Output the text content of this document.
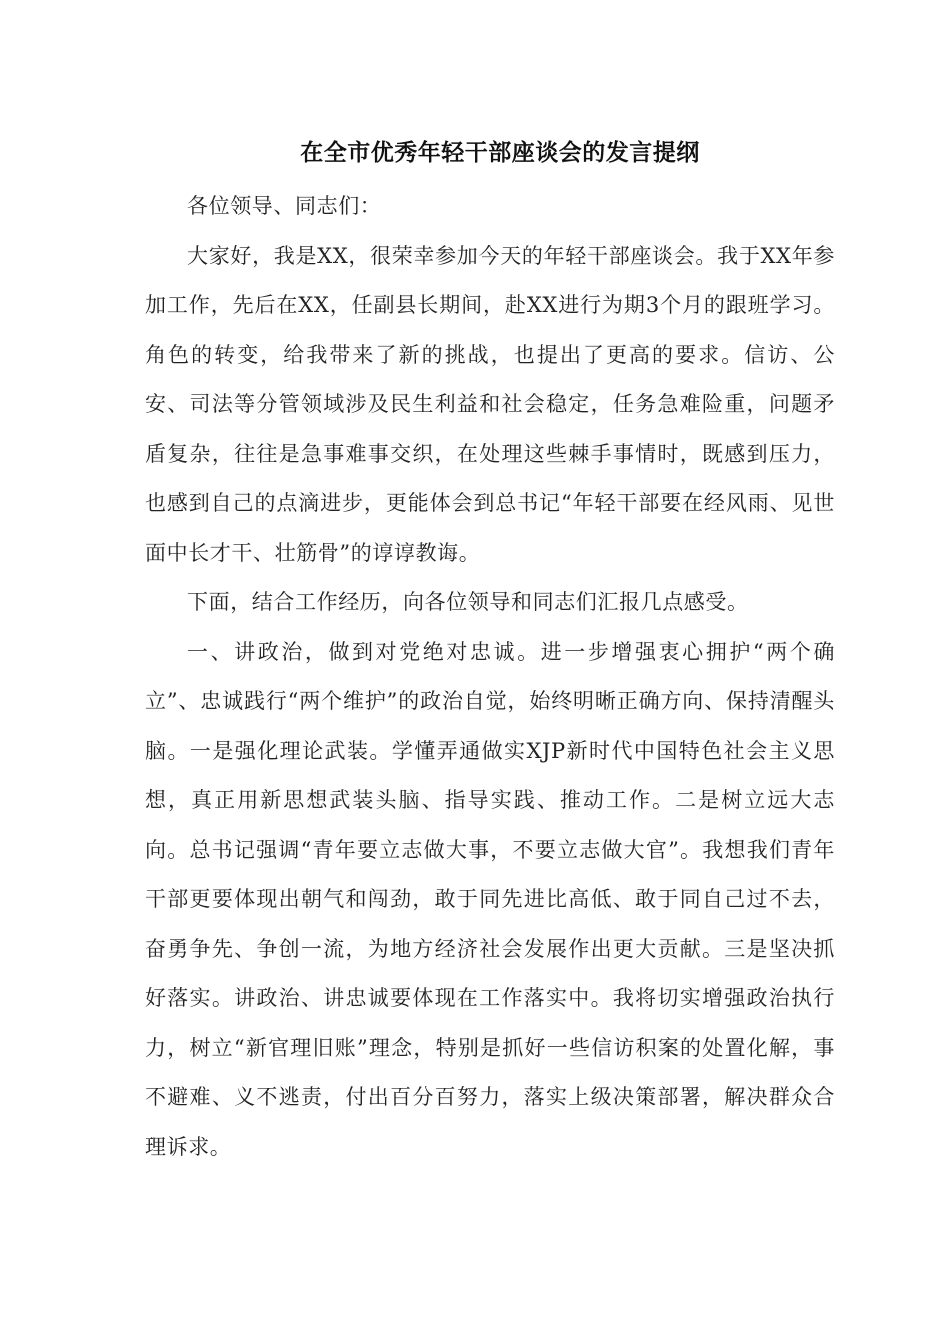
在全市优秀年轻干部座谈会的发言提纲

各位领导、同志们：

大家好，我是XX，很荣幸参加今天的年轻干部座谈会。我于XX年参加工作，先后在XX，任副县长期间，赴XX进行为期3个月的跟班学习。角色的转变，给我带来了新的挑战，也提出了更高的要求。信访、公安、司法等分管领域涉及民生利益和社会稳定，任务急难险重，问题矛盾复杂，往往是急事难事交织，在处理这些棘手事情时，既感到压力，也感到自己的点滴进步，更能体会到总书记“年轻干部要在经风雨、见世面中长才干、壮筋骨”的谆谆教诲。

下面，结合工作经历，向各位领导和同志们汇报几点感受。

一、讲政治，做到对党绝对忠诚。进一步增强衷心拥护“两个确立”、忠诚践行“两个维护”的政治自觉，始终明晰正确方向、保持清醒头脑。一是强化理论武装。学懂弄通做实XJP新时代中国特色社会主义思想，真正用新思想武装头脑、指导实践、推动工作。二是树立远大志向。总书记强调“青年要立志做大事，不要立志做大官”。我想我们青年干部更要体现出朝气和闯劲，敢于同先进比高低、敢于同自己过不去，奋勇争先、争创一流，为地方经济社会发展作出更大贡献。三是坚决抓好落实。讲政治、讲忠诚要体现在工作落实中。我将切实增强政治执行力，树立“新官理旧账”理念，特别是抓好一些信访积案的处置化解，事不避难、义不逃责，付出百分百努力，落实上级决策部署，解决群众合理诉求。
